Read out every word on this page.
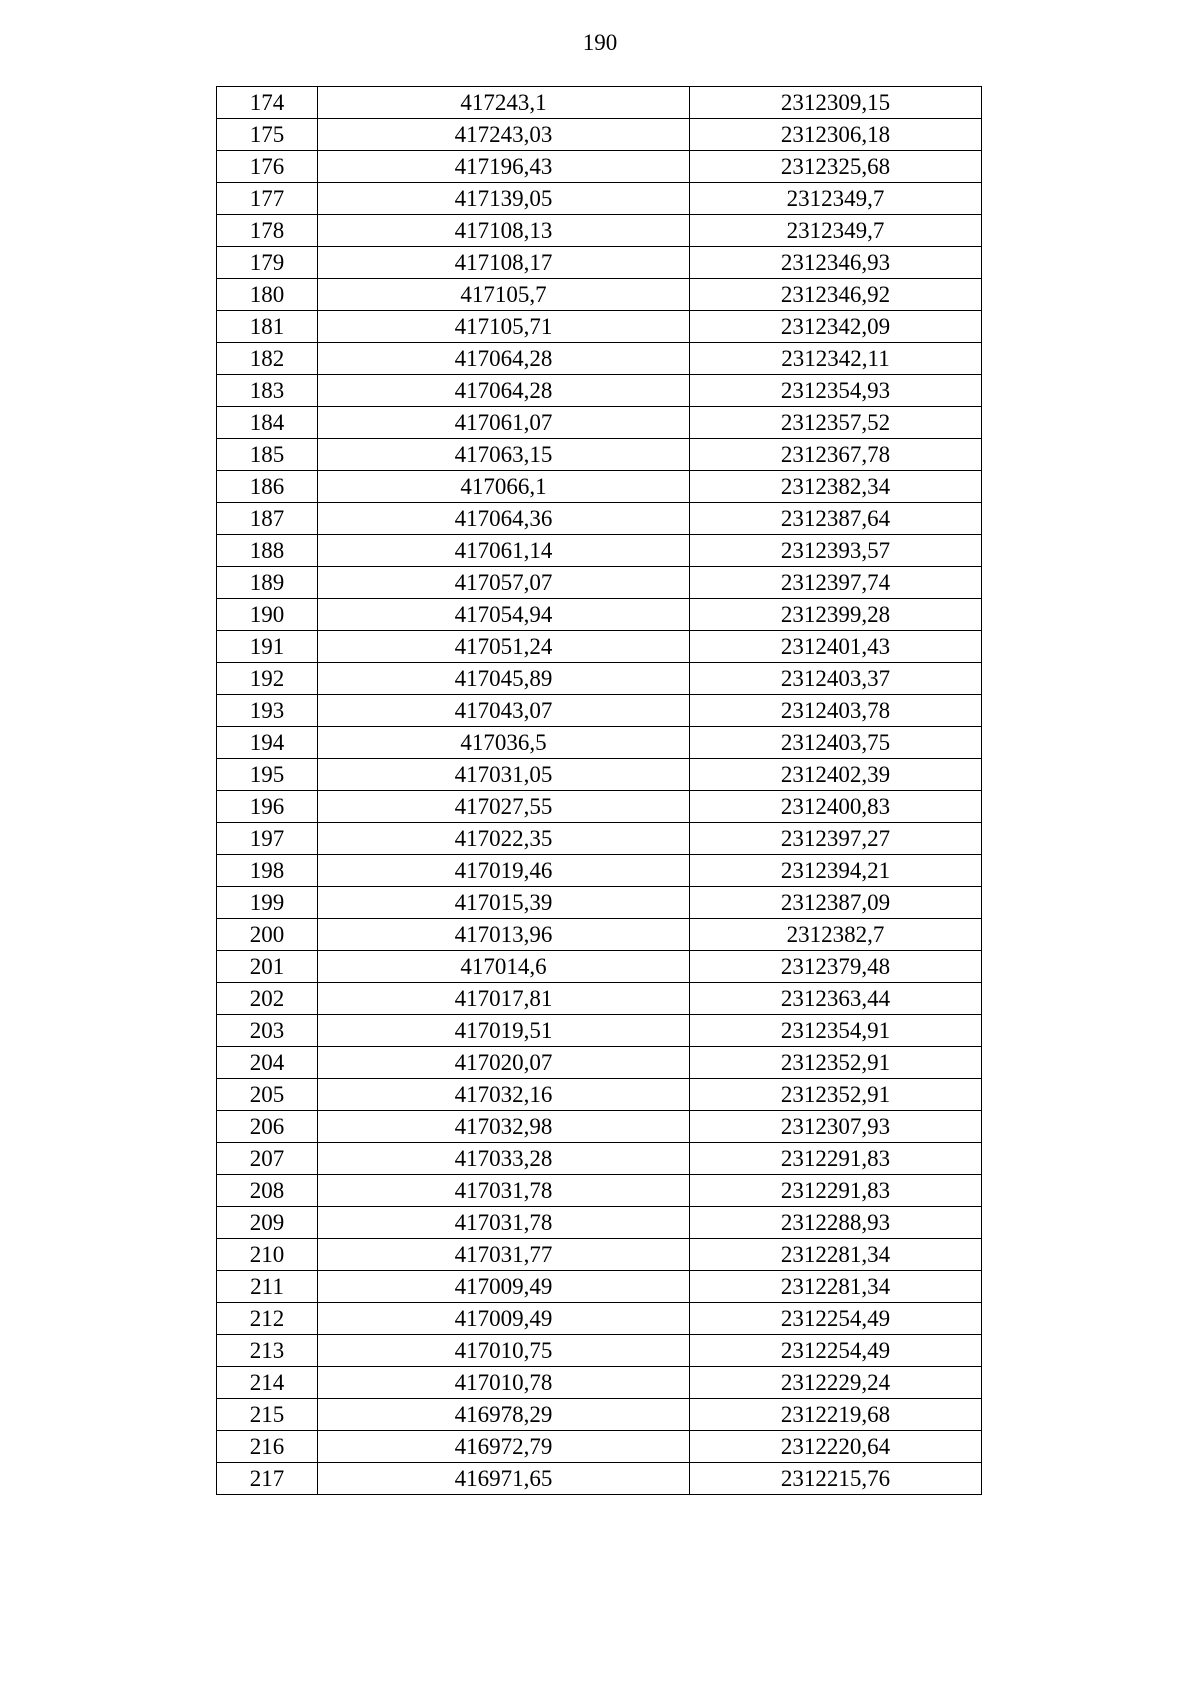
190
174	417243,1	2312309,15
175	417243,03	2312306,18
176	417196,43	2312325,68
177	417139,05	2312349,7
178	417108,13	2312349,7
179	417108,17	2312346,93
180	417105,7	2312346,92
181	417105,71	2312342,09
182	417064,28	2312342,11
183	417064,28	2312354,93
184	417061,07	2312357,52
185	417063,15	2312367,78
186	417066,1	2312382,34
187	417064,36	2312387,64
188	417061,14	2312393,57
189	417057,07	2312397,74
190	417054,94	2312399,28
191	417051,24	2312401,43
192	417045,89	2312403,37
193	417043,07	2312403,78
194	417036,5	2312403,75
195	417031,05	2312402,39
196	417027,55	2312400,83
197	417022,35	2312397,27
198	417019,46	2312394,21
199	417015,39	2312387,09
200	417013,96	2312382,7
201	417014,6	2312379,48
202	417017,81	2312363,44
203	417019,51	2312354,91
204	417020,07	2312352,91
205	417032,16	2312352,91
206	417032,98	2312307,93
207	417033,28	2312291,83
208	417031,78	2312291,83
209	417031,78	2312288,93
210	417031,77	2312281,34
211	417009,49	2312281,34
212	417009,49	2312254,49
213	417010,75	2312254,49
214	417010,78	2312229,24
215	416978,29	2312219,68
216	416972,79	2312220,64
217	416971,65	2312215,76
